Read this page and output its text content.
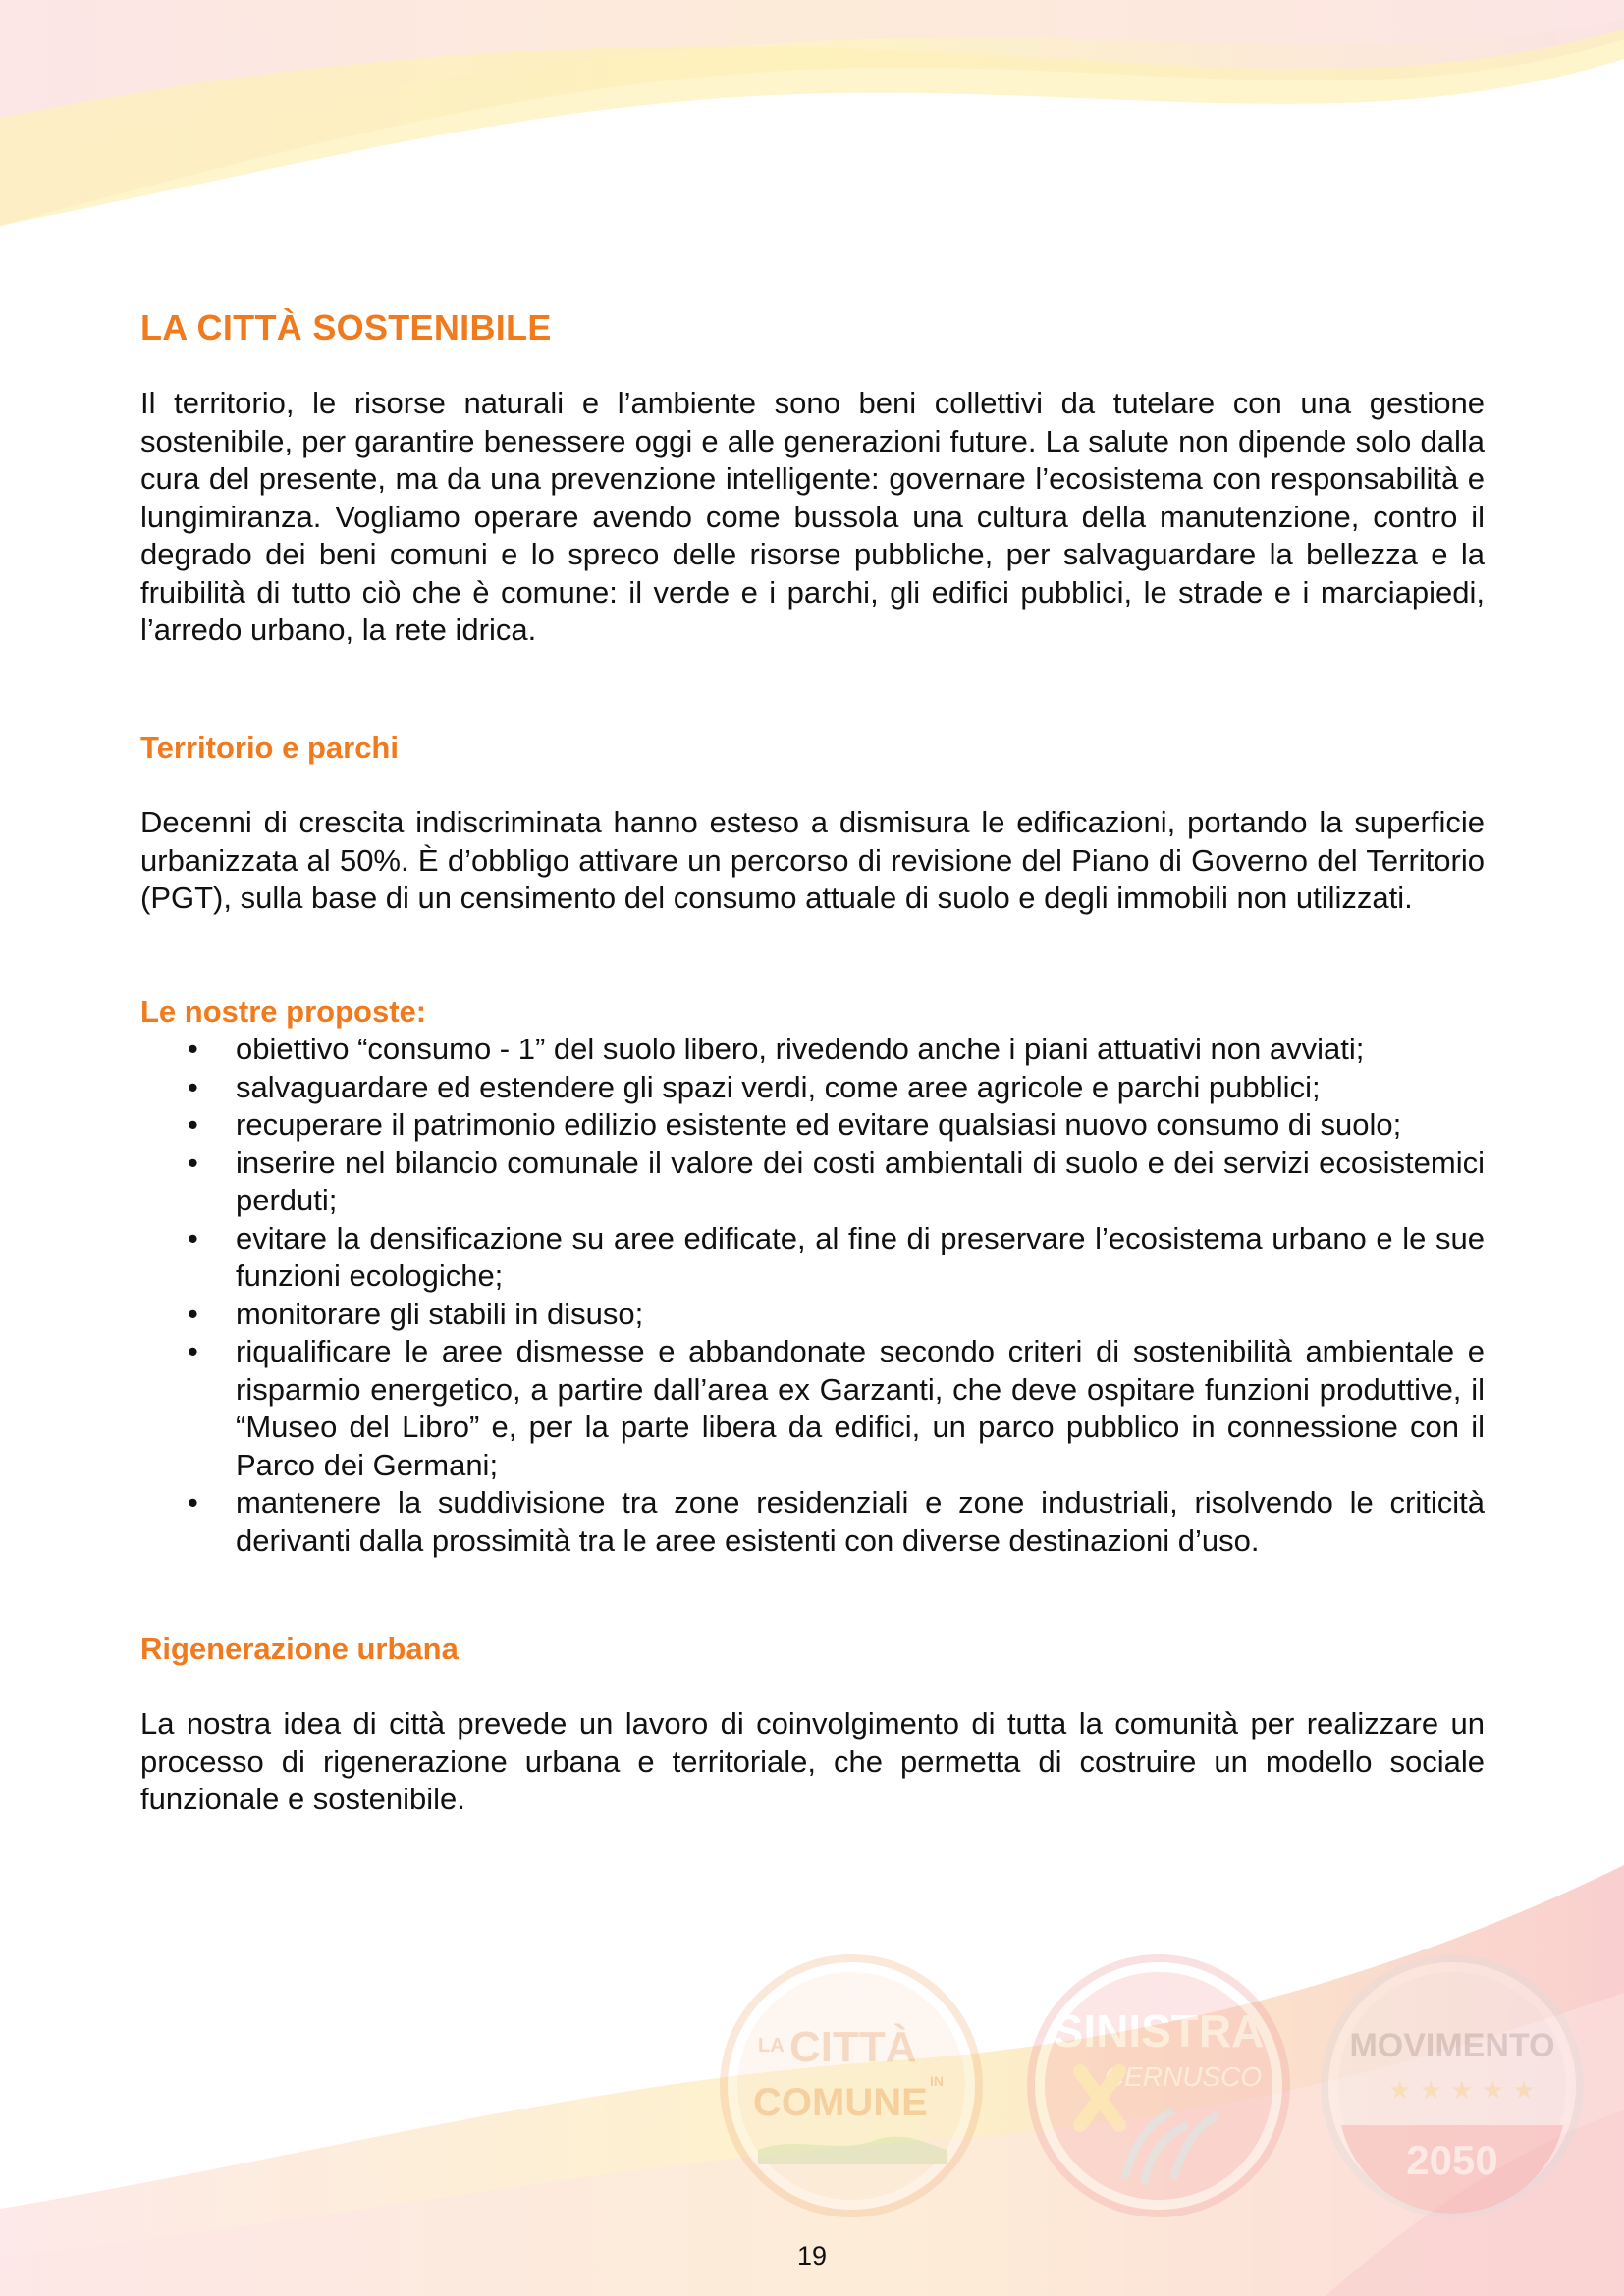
LA CITTÀ SOSTENIBILE

Il territorio, le risorse naturali e l’ambiente sono beni collettivi da tutelare con una gestione sostenibile, per garantire benessere oggi e alle generazioni future. La salute non dipende solo dalla cura del presente, ma da una prevenzione intelligente: governare l’ecosistema con responsabilità e lungimiranza. Vogliamo operare avendo come bussola una cultura della manutenzione, contro il degrado dei beni comuni e lo spreco delle risorse pubbliche, per salvaguardare la bellezza e la fruibilità di tutto ciò che è comune: il verde e i parchi, gli edifici pubblici, le strade e i marciapiedi, l’arredo urbano, la rete idrica.

Territorio e parchi

Decenni di crescita indiscriminata hanno esteso a dismisura le edificazioni, portando la superficie urbanizzata al 50%. È d’obbligo attivare un percorso di revisione del Piano di Governo del Territorio (PGT), sulla base di un censimento del consumo attuale di suolo e degli immobili non utilizzati.

Le nostre proposte:
• obiettivo “consumo - 1” del suolo libero, rivedendo anche i piani attuativi non avviati;
• salvaguardare ed estendere gli spazi verdi, come aree agricole e parchi pubblici;
• recuperare il patrimonio edilizio esistente ed evitare qualsiasi nuovo consumo di suolo;
• inserire nel bilancio comunale il valore dei costi ambientali di suolo e dei servizi ecosistemici perduti;
• evitare la densificazione su aree edificate, al fine di preservare l’ecosistema urbano e le sue funzioni ecologiche;
• monitorare gli stabili in disuso;
• riqualificare le aree dismesse e abbandonate secondo criteri di sostenibilità ambientale e risparmio energetico, a partire dall’area ex Garzanti, che deve ospitare funzioni produttive, il “Museo del Libro” e, per la parte libera da edifici, un parco pubblico in connessione con il Parco dei Germani;
• mantenere la suddivisione tra zone residenziali e zone industriali, risolvendo le criticità derivanti dalla prossimità tra le aree esistenti con diverse destinazioni d’uso.
Rigenerazione urbana

La nostra idea di città prevede un lavoro di coinvolgimento di tutta la comunità per realizzare un processo di rigenerazione urbana e territoriale, che permetta di costruire un modello sociale funzionale e sostenibile.

LA CITTÀ
IN
COMUNE
SINISTRA
CERNUSCO
MOVIMENTO
★ ★ ★ ★ ★
2050
19
